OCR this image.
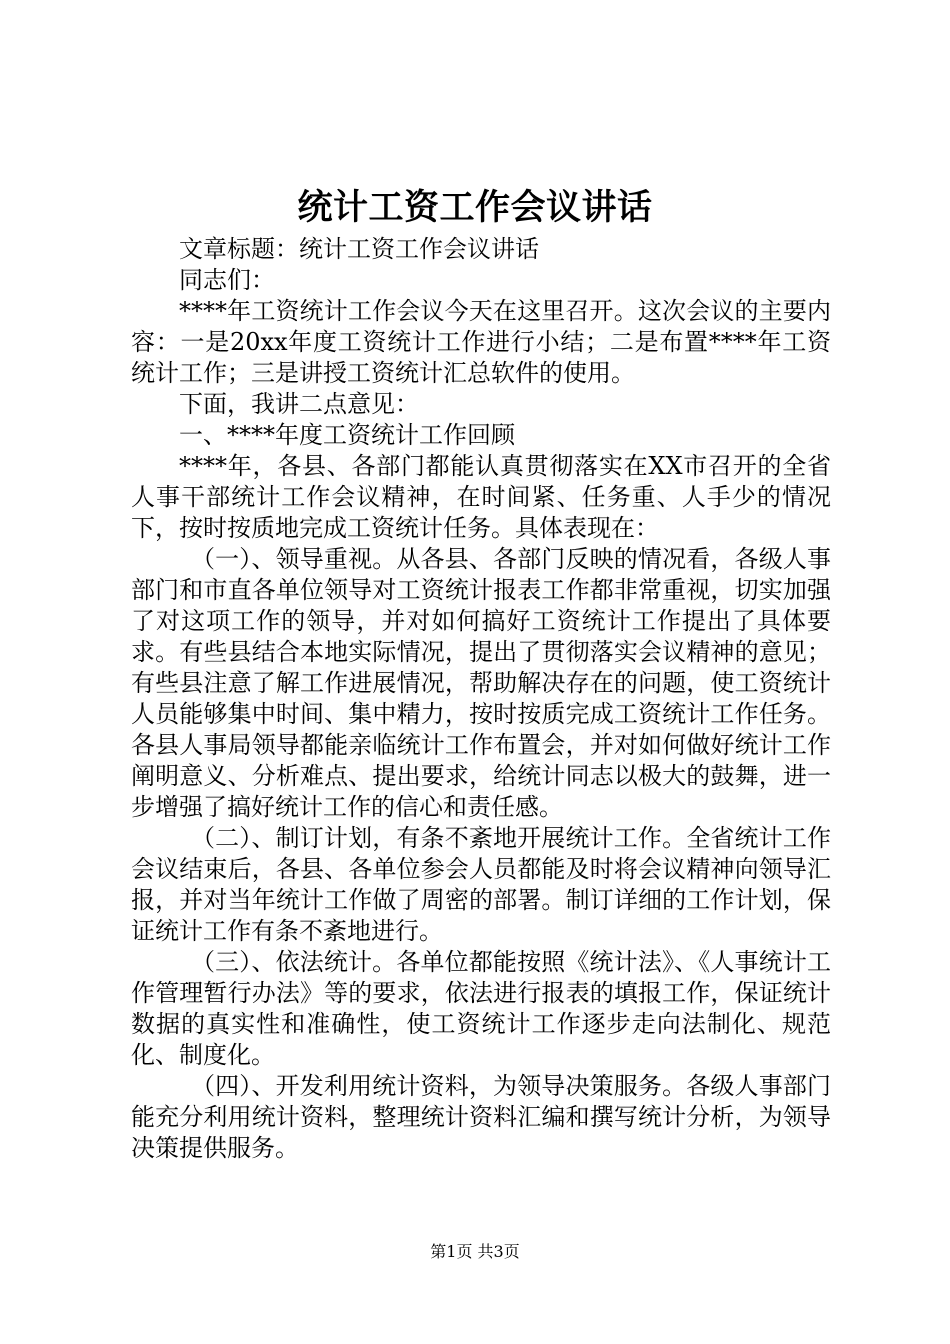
统计工资工作会议讲话

文章标题：统计工资工作会议讲话

同志们：

****年工资统计工作会议今天在这里召开。这次会议的主要内容：一是20xx年度工资统计工作进行小结；二是布置****年工资统计工作；三是讲授工资统计汇总软件的使用。

下面，我讲二点意见：

一、****年度工资统计工作回顾

****年，各县、各部门都能认真贯彻落实在XX市召开的全省人事干部统计工作会议精神，在时间紧、任务重、人手少的情况下，按时按质地完成工资统计任务。具体表现在：

（一）、领导重视。从各县、各部门反映的情况看，各级人事部门和市直各单位领导对工资统计报表工作都非常重视，切实加强了对这项工作的领导，并对如何搞好工资统计工作提出了具体要求。有些县结合本地实际情况，提出了贯彻落实会议精神的意见；有些县注意了解工作进展情况，帮助解决存在的问题，使工资统计人员能够集中时间、集中精力，按时按质完成工资统计工作任务。各县人事局领导都能亲临统计工作布置会，并对如何做好统计工作阐明意义、分析难点、提出要求，给统计同志以极大的鼓舞，进一步增强了搞好统计工作的信心和责任感。

（二）、制订计划，有条不紊地开展统计工作。全省统计工作会议结束后，各县、各单位参会人员都能及时将会议精神向领导汇报，并对当年统计工作做了周密的部署。制订详细的工作计划，保证统计工作有条不紊地进行。

（三）、依法统计。各单位都能按照《统计法》、《人事统计工作管理暂行办法》等的要求，依法进行报表的填报工作，保证统计数据的真实性和准确性，使工资统计工作逐步走向法制化、规范化、制度化。

（四）、开发利用统计资料，为领导决策服务。各级人事部门能充分利用统计资料，整理统计资料汇编和撰写统计分析，为领导决策提供服务。

第1页 共3页
